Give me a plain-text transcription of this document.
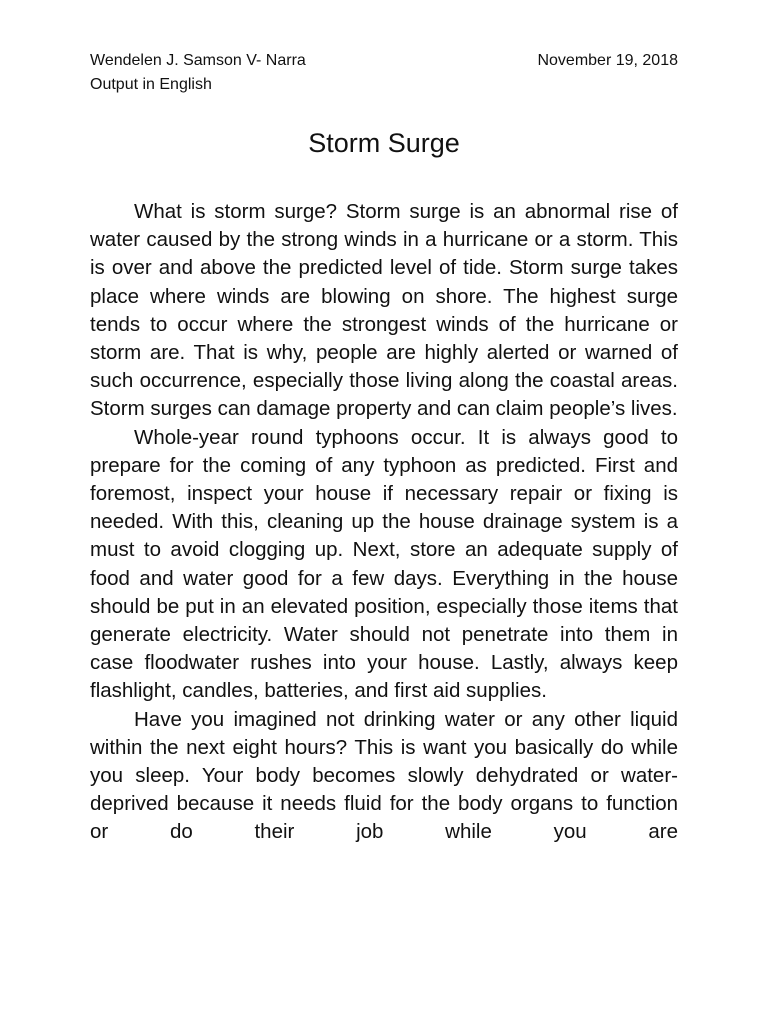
Wendelen J. Samson V- Narra	November 19, 2018
Output in English
Storm Surge

What is storm surge? Storm surge is an abnormal rise of water caused by the strong winds in a hurricane or a storm. This is over and above the predicted level of tide. Storm surge takes place where winds are blowing on shore. The highest surge tends to occur where the strongest winds of the hurricane or storm are. That is why, people are highly alerted or warned of such occurrence, especially those living along the coastal areas. Storm surges can damage property and can claim people’s lives.

Whole-year round typhoons occur. It is always good to prepare for the coming of any typhoon as predicted. First and foremost, inspect your house if necessary repair or fixing is needed. With this, cleaning up the house drainage system is a must to avoid clogging up. Next, store an adequate supply of food and water good for a few days. Everything in the house should be put in an elevated position, especially those items that generate electricity. Water should not penetrate into them in case floodwater rushes into your house. Lastly, always keep flashlight, candles, batteries, and first aid supplies.

Have you imagined not drinking water or any other liquid within the next eight hours? This is want you basically do while you sleep. Your body becomes slowly dehydrated or water-deprived because it needs fluid for the body organs to function or do their job while you are
